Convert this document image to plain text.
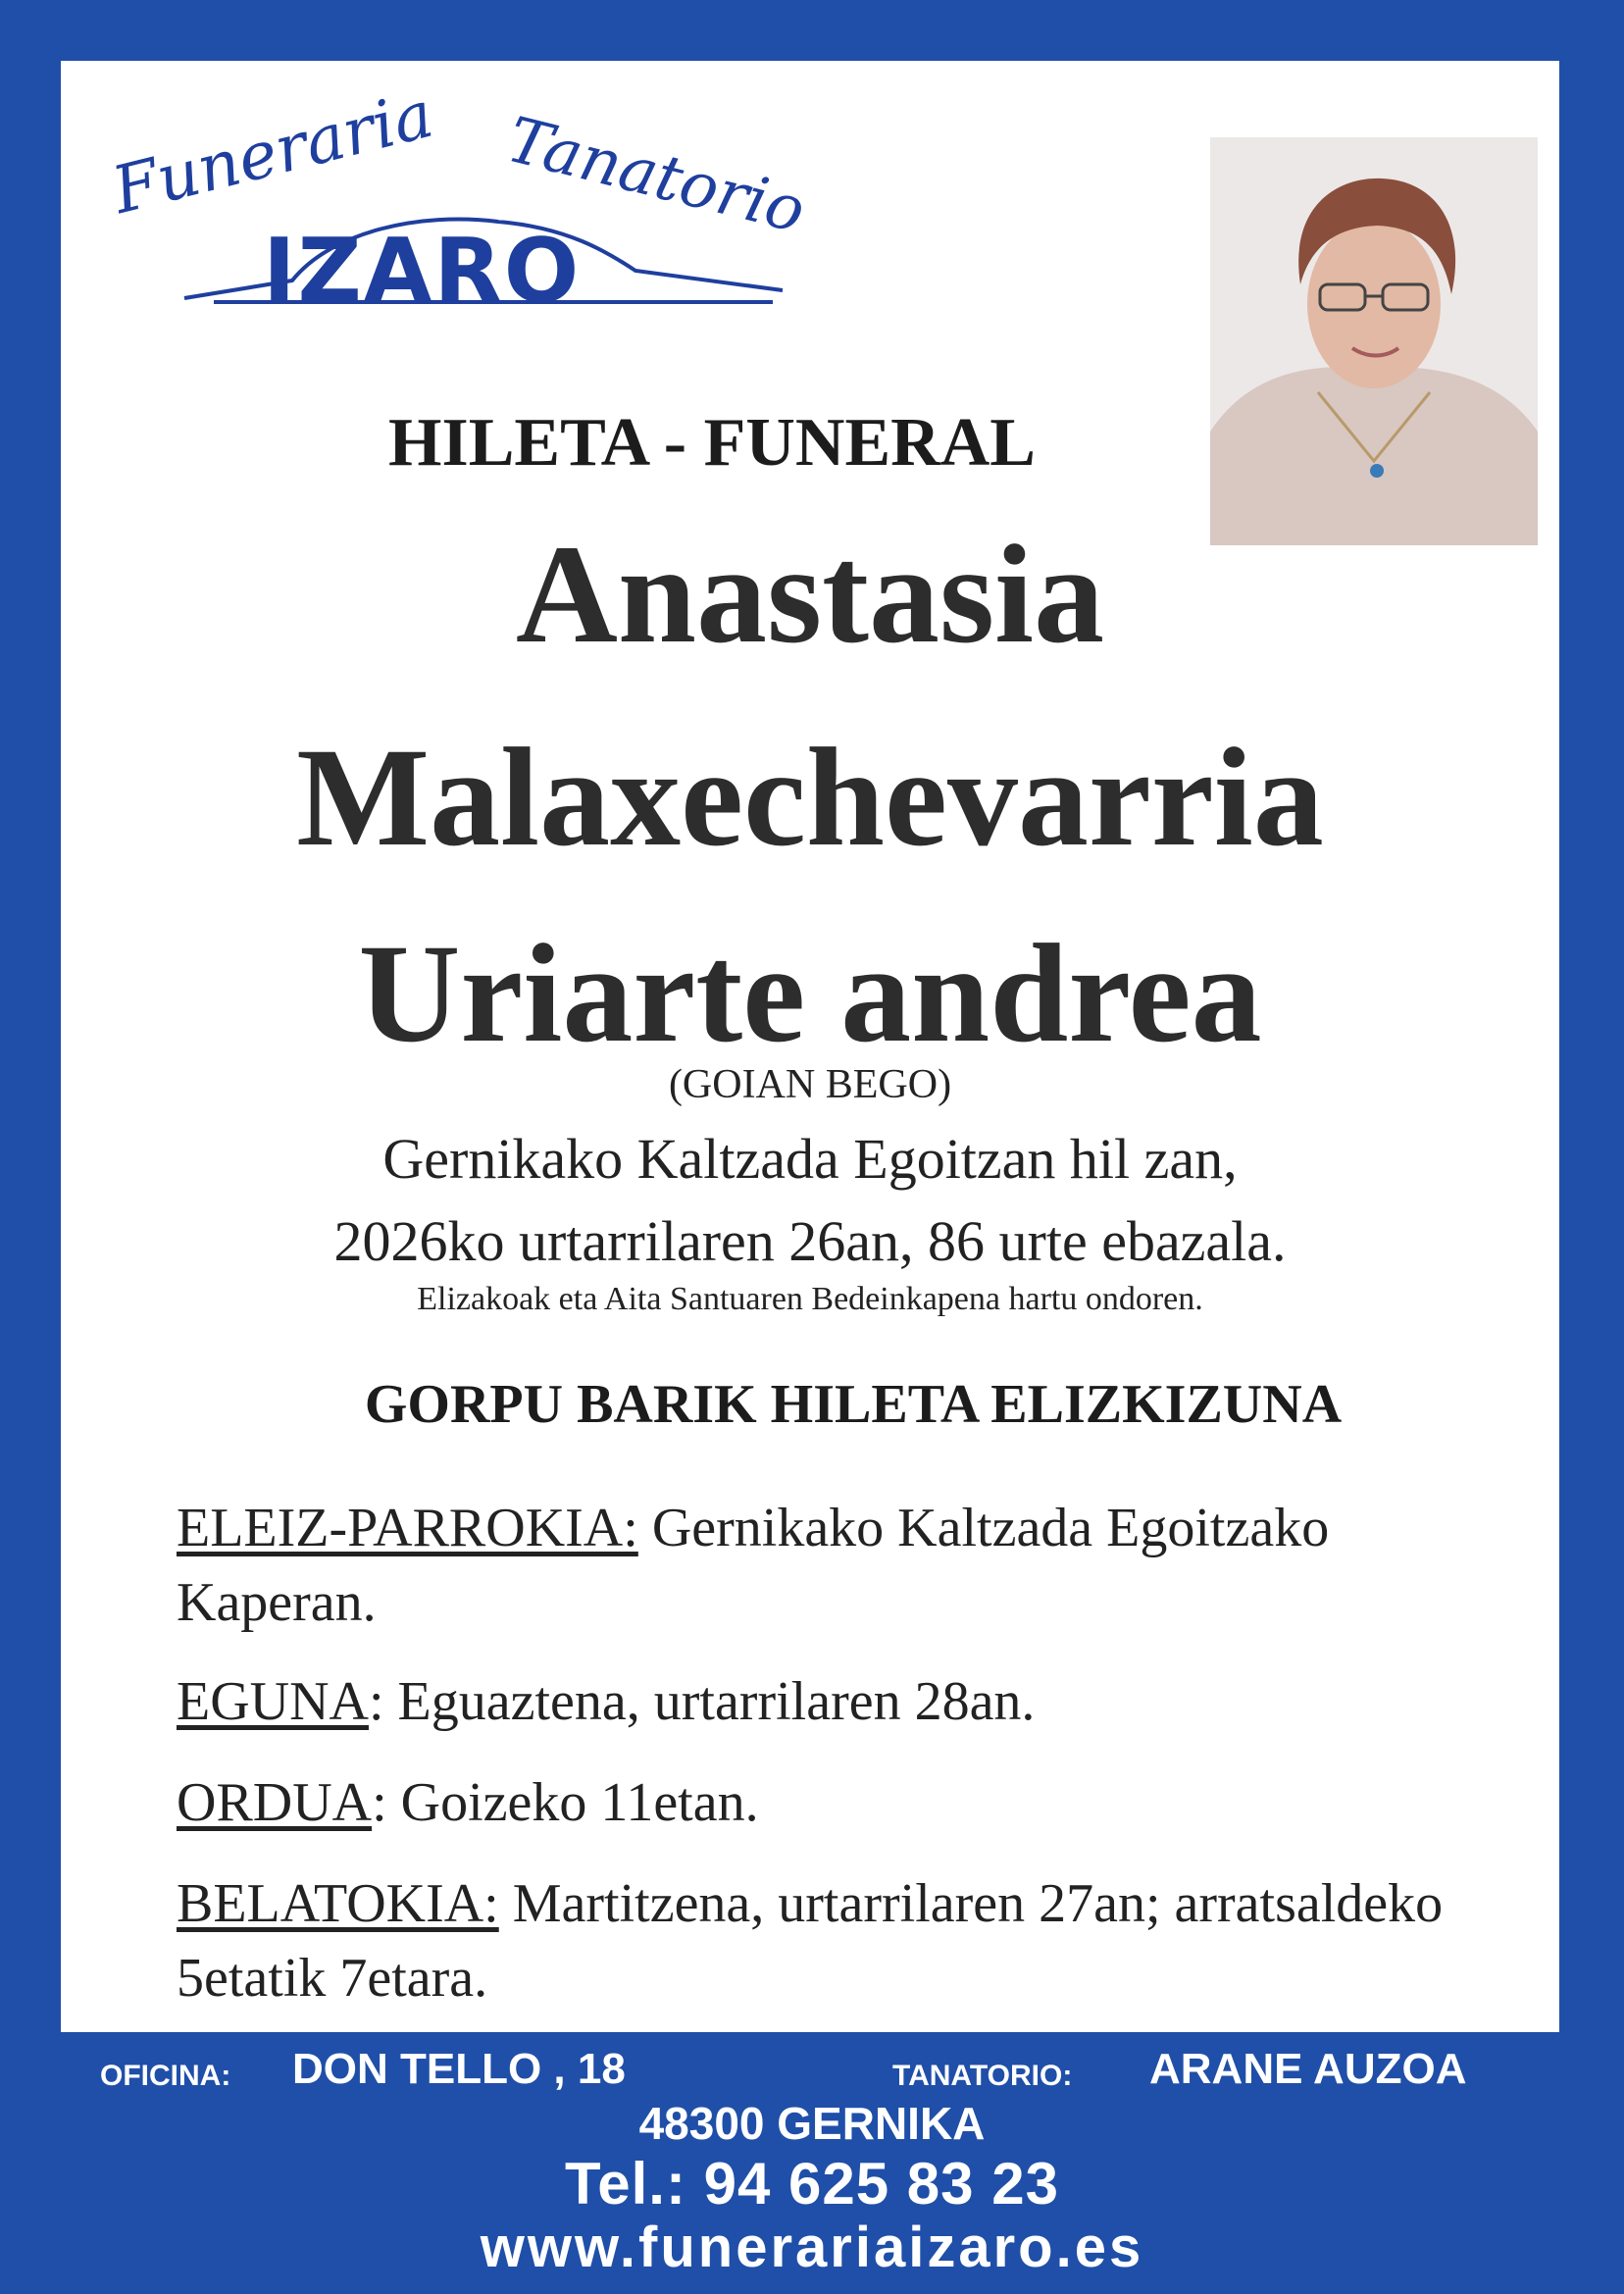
Funeraria Tanatorio
IZARO
HILETA - FUNERAL
Anastasia
Malaxechevarria
Uriarte andrea
(GOIAN BEGO)
Gernikako Kaltzada Egoitzan hil zan,
2026ko urtarrilaren 26an, 86 urte ebazala.
Elizakoak eta Aita Santuaren Bedeinkapena hartu ondoren.
GORPU BARIK HILETA ELIZKIZUNA
ELEIZ-PARROKIA: Gernikako Kaltzada Egoitzako Kaperan.
EGUNA: Eguaztena, urtarrilaren 28an.
ORDUA: Goizeko 11etan.
BELATOKIA: Martitzena, urtarrilaren 27an; arratsaldeko 5etatik 7etara.
OFICINA: DON TELLO , 18	TANATORIO: ARANE AUZOA
48300 GERNIKA
Tel.: 94 625 83 23
www.funerariaizaro.es
